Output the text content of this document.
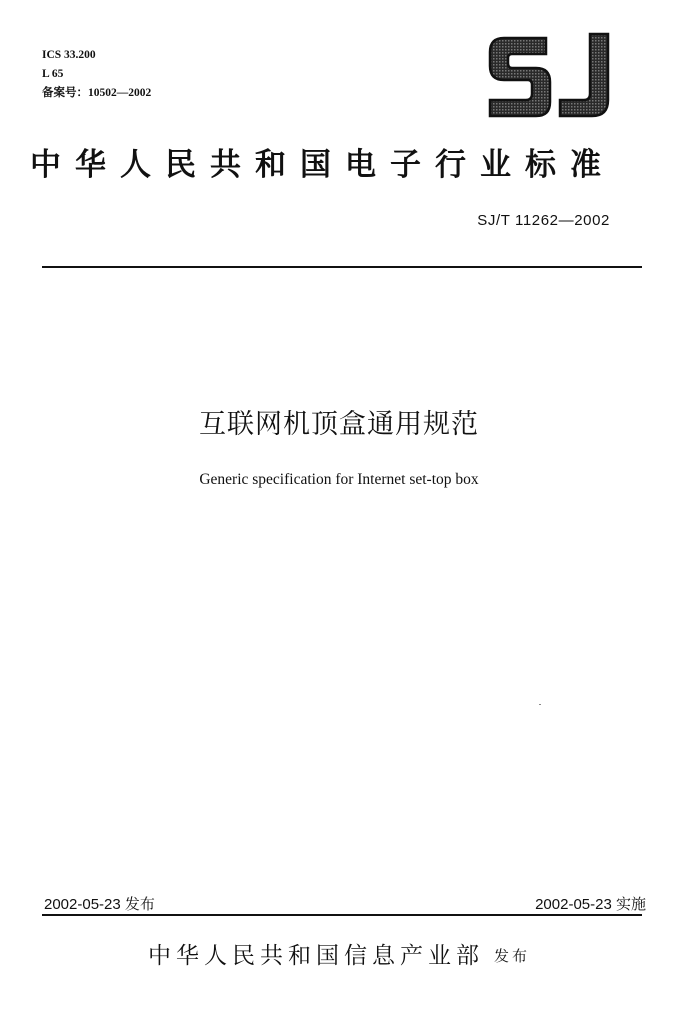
ICS 33.200
L 65
备案号：10502—2002
中华人民共和国电子行业标准
SJ/T 11262—2002
互联网机顶盒通用规范
Generic specification for Internet set-top box
2002-05-23 发布	2002-05-23 实施
中华人民共和国信息产业部 发布
